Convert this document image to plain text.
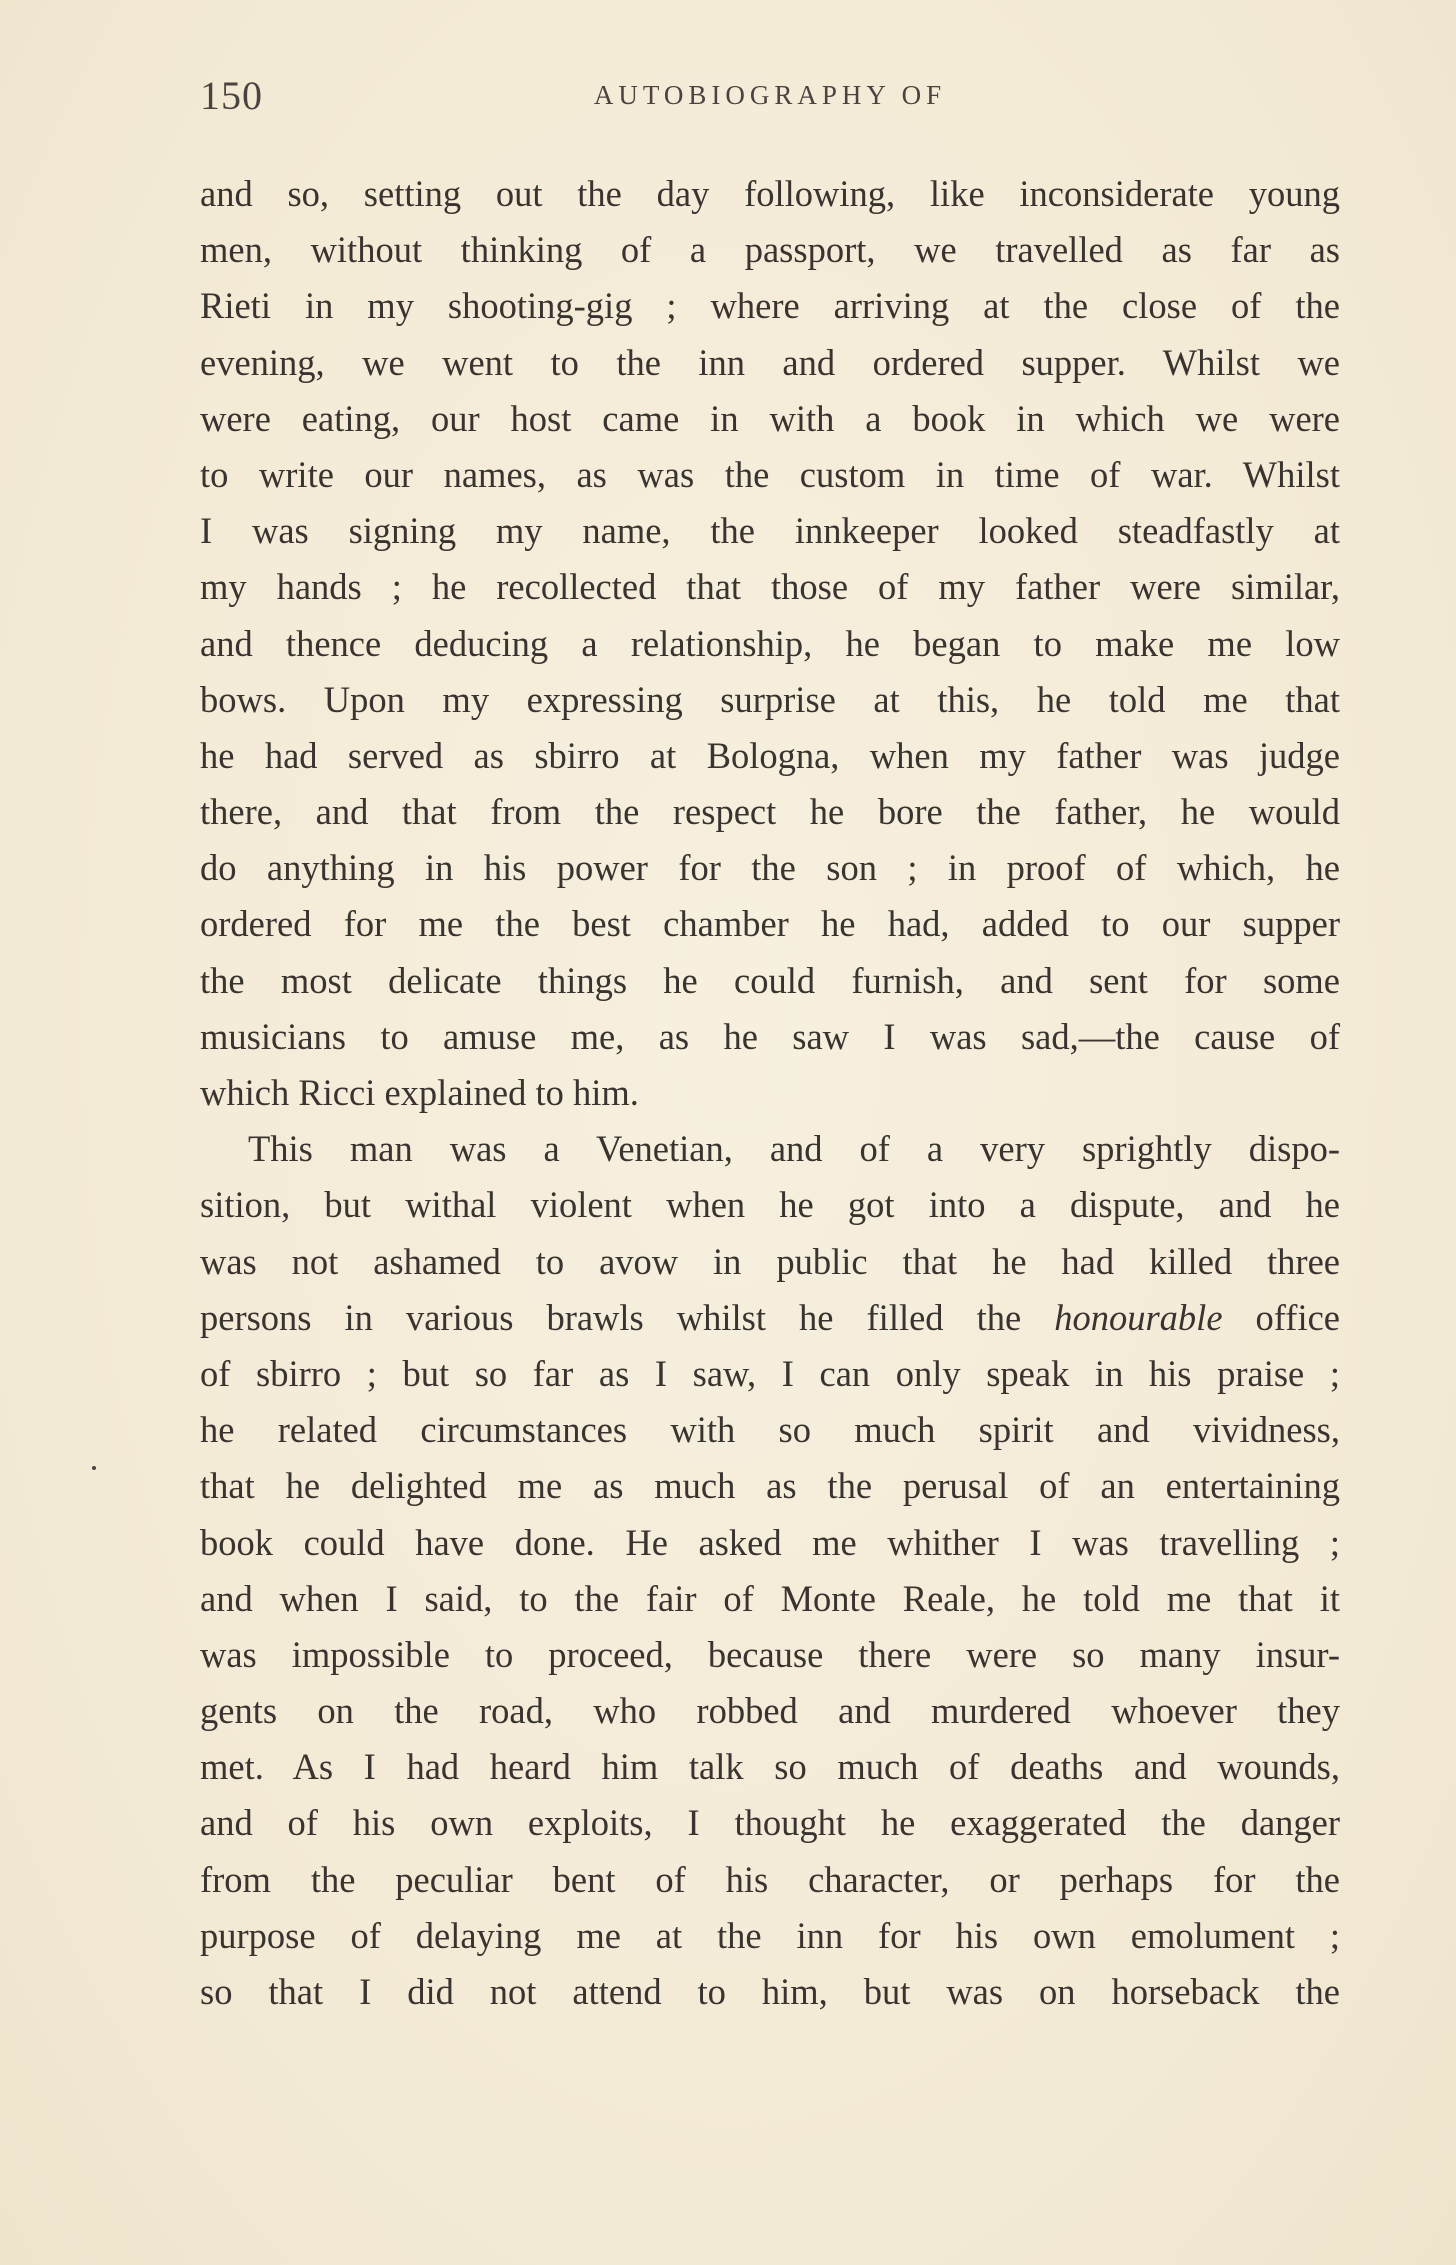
150	AUTOBIOGRAPHY OF
and so, setting out the day following, like inconsiderate young
men, without thinking of a passport, we travelled as far as
Rieti in my shooting-gig ; where arriving at the close of the
evening, we went to the inn and ordered supper. Whilst we
were eating, our host came in with a book in which we were
to write our names, as was the custom in time of war. Whilst
I was signing my name, the innkeeper looked steadfastly at
my hands ; he recollected that those of my father were similar,
and thence deducing a relationship, he began to make me low
bows. Upon my expressing surprise at this, he told me that
he had served as sbirro at Bologna, when my father was judge
there, and that from the respect he bore the father, he would
do anything in his power for the son ; in proof of which, he
ordered for me the best chamber he had, added to our supper
the most delicate things he could furnish, and sent for some
musicians to amuse me, as he saw I was sad,—the cause of
which Ricci explained to him.
This man was a Venetian, and of a very sprightly dispo-
sition, but withal violent when he got into a dispute, and he
was not ashamed to avow in public that he had killed three
persons in various brawls whilst he filled the honourable office
of sbirro ; but so far as I saw, I can only speak in his praise ;
he related circumstances with so much spirit and vividness,
that he delighted me as much as the perusal of an entertaining
book could have done. He asked me whither I was travelling ;
and when I said, to the fair of Monte Reale, he told me that it
was impossible to proceed, because there were so many insur-
gents on the road, who robbed and murdered whoever they
met. As I had heard him talk so much of deaths and wounds,
and of his own exploits, I thought he exaggerated the danger
from the peculiar bent of his character, or perhaps for the
purpose of delaying me at the inn for his own emolument ;
so that I did not attend to him, but was on horseback the
